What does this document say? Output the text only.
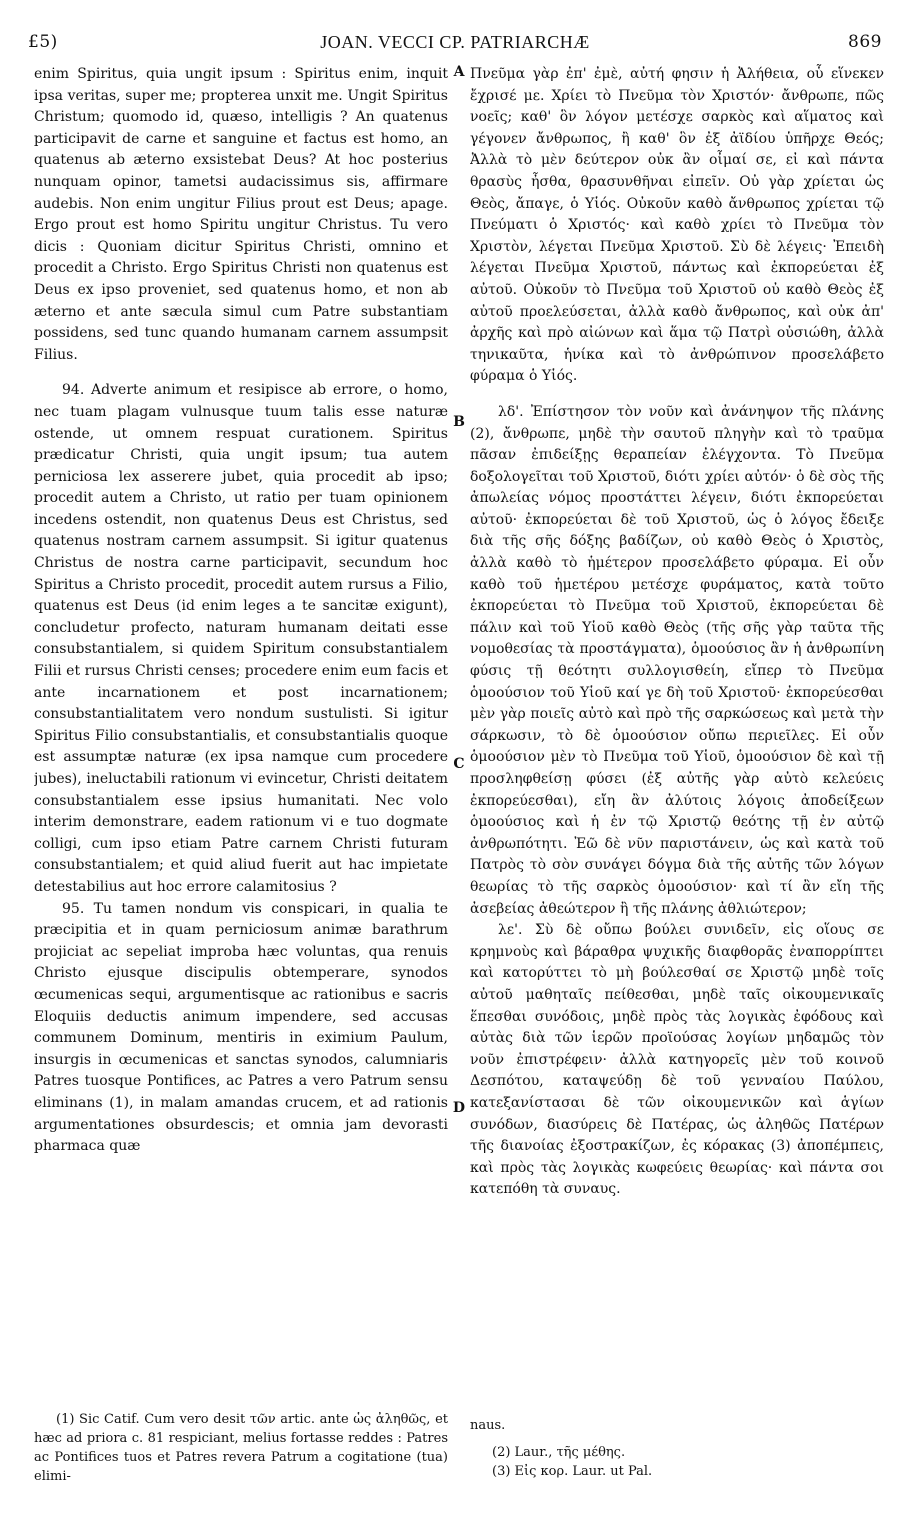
£5)	JOAN. VECCI CP. PATRIARCHÆ	869

enim Spiritus, quia ungit ipsum : Spiritus enim, inquit ipsa veritas, super me; propterea unxit me. Ungit Spiritus Christum; quomodo id, quæso, intelligis ? An quatenus participavit de carne et sanguine et factus est homo, an quatenus ab æterno exsistebat Deus? At hoc posterius nunquam opinor, tametsi audacissimus sis, affirmare audebis. Non enim ungitur Filius prout est Deus; apage. Ergo prout est homo Spiritu ungitur Christus. Tu vero dicis : Quoniam dicitur Spiritus Christi, omnino et procedit a Christo. Ergo Spiritus Christi non quatenus est Deus ex ipso proveniet, sed quatenus homo, et non ab æterno et ante sæcula simul cum Patre substantiam possidens, sed tunc quando humanam carnem assumpsit Filius.

94. Adverte animum et resipisce ab errore, o homo, nec tuam plagam vulnusque tuum talis esse naturæ ostende, ut omnem respuat curationem. Spiritus prædicatur Christi, quia ungit ipsum; tua autem perniciosa lex asserere jubet, quia procedit ab ipso; procedit autem a Christo, ut ratio per tuam opinionem incedens ostendit, non quatenus Deus est Christus, sed quatenus nostram carnem assumpsit. Si igitur quatenus Christus de nostra carne participavit, secundum hoc Spiritus a Christo procedit, procedit autem rursus a Filio, quatenus est Deus (id enim leges a te sancitæ exigunt), concludetur profecto, naturam humanam deitati esse consubstantialem, si quidem Spiritum consubstantialem Filii et rursus Christi censes; procedere enim eum facis et ante incarnationem et post incarnationem; consubstantialitatem vero nondum sustulisti. Si igitur Spiritus Filio consubstantialis, et consubstantialis quoque est assumptæ naturæ (ex ipsa namque cum procedere jubes), ineluctabili rationum vi evincetur, Christi deitatem consubstantialem esse ipsius humanitati. Nec volo interim demonstrare, eadem rationum vi e tuo dogmate colligi, cum ipso etiam Patre carnem Christi futuram consubstantialem; et quid aliud fuerit aut hac impietate detestabilius aut hoc errore calamitosius ?

95. Tu tamen nondum vis conspicari, in qualia te præcipitia et in quam perniciosum animæ barathrum projiciat ac sepeliat improba hæc voluntas, qua renuis Christo ejusque discipulis obtemperare, synodos œcumenicas sequi, argumentisque ac rationibus e sacris Eloquiis deductis animum impendere, sed accusas communem Dominum, mentiris in eximium Paulum, insurgis in œcumenicas et sanctas synodos, calumniaris Patres tuosque Pontifices, ac Patres a vero Patrum sensu eliminans (1), in malam amandas crucem, et ad rationis argumentationes obsurdescis; et omnia jam devorasti pharmaca quæ

A
B
C
D

Πνεῦμα γὰρ ἐπ' ἐμὲ, αὐτή φησιν ἡ Ἀλήθεια, οὗ εἵνεκεν ἔχρισέ με. Χρίει τὸ Πνεῦμα τὸν Χριστόν· ἄνθρωπε, πῶς νοεῖς; καθ' ὃν λόγον μετέσχε σαρκὸς καὶ αἵματος καὶ γέγονεν ἄνθρωπος, ἢ καθ' ὃν ἐξ ἀϊδίου ὑπῆρχε Θεός; Ἀλλὰ τὸ μὲν δεύτερον οὐκ ἂν οἶμαί σε, εἰ καὶ πάντα θρασὺς ἦσθα, θρασυνθῆναι εἰπεῖν. Οὐ γὰρ χρίεται ὡς Θεὸς, ἄπαγε, ὁ Υἱός. Οὐκοῦν καθὸ ἄνθρωπος χρίεται τῷ Πνεύματι ὁ Χριστός· καὶ καθὸ χρίει τὸ Πνεῦμα τὸν Χριστὸν, λέγεται Πνεῦμα Χριστοῦ. Σὺ δὲ λέγεις· Ἐπειδὴ λέγεται Πνεῦμα Χριστοῦ, πάντως καὶ ἐκπορεύεται ἐξ αὐτοῦ. Οὐκοῦν τὸ Πνεῦμα τοῦ Χριστοῦ οὐ καθὸ Θεὸς ἐξ αὐτοῦ προελεύσεται, ἀλλὰ καθὸ ἄνθρωπος, καὶ οὐκ ἀπ' ἀρχῆς καὶ πρὸ αἰώνων καὶ ἅμα τῷ Πατρὶ οὐσιώθη, ἀλλὰ τηνικαῦτα, ἡνίκα καὶ τὸ ἀνθρώπινον προσελάβετο φύραμα ὁ Υἱός.

λδ'. Ἐπίστησον τὸν νοῦν καὶ ἀνάνηψον τῆς πλάνης (2), ἄνθρωπε, μηδὲ τὴν σαυτοῦ πληγὴν καὶ τὸ τραῦμα πᾶσαν ἐπιδείξῃς θεραπείαν ἐλέγχοντα. Τὸ Πνεῦμα δοξολογεῖται τοῦ Χριστοῦ, διότι χρίει αὐτόν· ὁ δὲ σὸς τῆς ἀπωλείας νόμος προστάττει λέγειν, διότι ἐκπορεύεται αὐτοῦ· ἐκπορεύεται δὲ τοῦ Χριστοῦ, ὡς ὁ λόγος ἔδειξε διὰ τῆς σῆς δόξης βαδίζων, οὐ καθὸ Θεὸς ὁ Χριστὸς, ἀλλὰ καθὸ τὸ ἡμέτερον προσελάβετο φύραμα. Εἰ οὖν καθὸ τοῦ ἡμετέρου μετέσχε φυράματος, κατὰ τοῦτο ἐκπορεύεται τὸ Πνεῦμα τοῦ Χριστοῦ, ἐκπορεύεται δὲ πάλιν καὶ τοῦ Υἱοῦ καθὸ Θεὸς (τῆς σῆς γὰρ ταῦτα τῆς νομοθεσίας τὰ προστάγματα), ὁμοούσιος ἂν ἡ ἀνθρωπίνη φύσις τῇ θεότητι συλλογισθείη, εἴπερ τὸ Πνεῦμα ὁμοούσιον τοῦ Υἱοῦ καί γε δὴ τοῦ Χριστοῦ· ἐκπορεύεσθαι μὲν γὰρ ποιεῖς αὐτὸ καὶ πρὸ τῆς σαρκώσεως καὶ μετὰ τὴν σάρκωσιν, τὸ δὲ ὁμοούσιον οὔπω περιεῖλες. Εἰ οὖν ὁμοούσιον μὲν τὸ Πνεῦμα τοῦ Υἱοῦ, ὁμοούσιον δὲ καὶ τῇ προσληφθείσῃ φύσει (ἐξ αὐτῆς γὰρ αὐτὸ κελεύεις ἐκπορεύεσθαι), εἴη ἂν ἀλύτοις λόγοις ἀποδείξεων ὁμοούσιος καὶ ἡ ἐν τῷ Χριστῷ θεότης τῇ ἐν αὐτῷ ἀνθρωπότητι. Ἐῶ δὲ νῦν παριστάνειν, ὡς καὶ κατὰ τοῦ Πατρὸς τὸ σὸν συνάγει δόγμα διὰ τῆς αὐτῆς τῶν λόγων θεωρίας τὸ τῆς σαρκὸς ὁμοούσιον· καὶ τί ἂν εἴη τῆς ἀσεβείας ἀθεώτερον ἢ τῆς πλάνης ἀθλιώτερον;

λε'. Σὺ δὲ οὔπω βούλει συνιδεῖν, εἰς οἵους σε κρημνοὺς καὶ βάραθρα ψυχικῆς διαφθορᾶς ἐναπορρίπτει καὶ κατορύττει τὸ μὴ βούλεσθαί σε Χριστῷ μηδὲ τοῖς αὐτοῦ μαθηταῖς πείθεσθαι, μηδὲ ταῖς οἰκουμενικαῖς ἕπεσθαι συνόδοις, μηδὲ πρὸς τὰς λογικὰς ἐφόδους καὶ αὐτὰς διὰ τῶν ἱερῶν προϊούσας λογίων μηδαμῶς τὸν νοῦν ἐπιστρέφειν· ἀλλὰ κατηγορεῖς μὲν τοῦ κοινοῦ Δεσπότου, καταψεύδῃ δὲ τοῦ γενναίου Παύλου, κατεξανίστασαι δὲ τῶν οἰκουμενικῶν καὶ ἁγίων συνόδων, διασύρεις δὲ Πατέρας, ὡς ἀληθῶς Πατέρων τῆς διανοίας ἐξοστρακίζων, ἐς κόρακας (3) ἀποπέμπεις, καὶ πρὸς τὰς λογικὰς κωφεύεις θεωρίας· καὶ πάντα σοι κατεπόθη τὰ συναυς.

(1) Sic Catif. Cum vero desit τῶν artic. ante ὡς ἀληθῶς, et hæc ad priora c. 81 respiciant, melius fortasse reddes : Patres ac Pontifices tuos et Patres revera Patrum a cogitatione (tua) elimi-

naus.

(2) Laur., τῆς μέθης.

(3) Εἰς κορ. Laur. ut Pal.
